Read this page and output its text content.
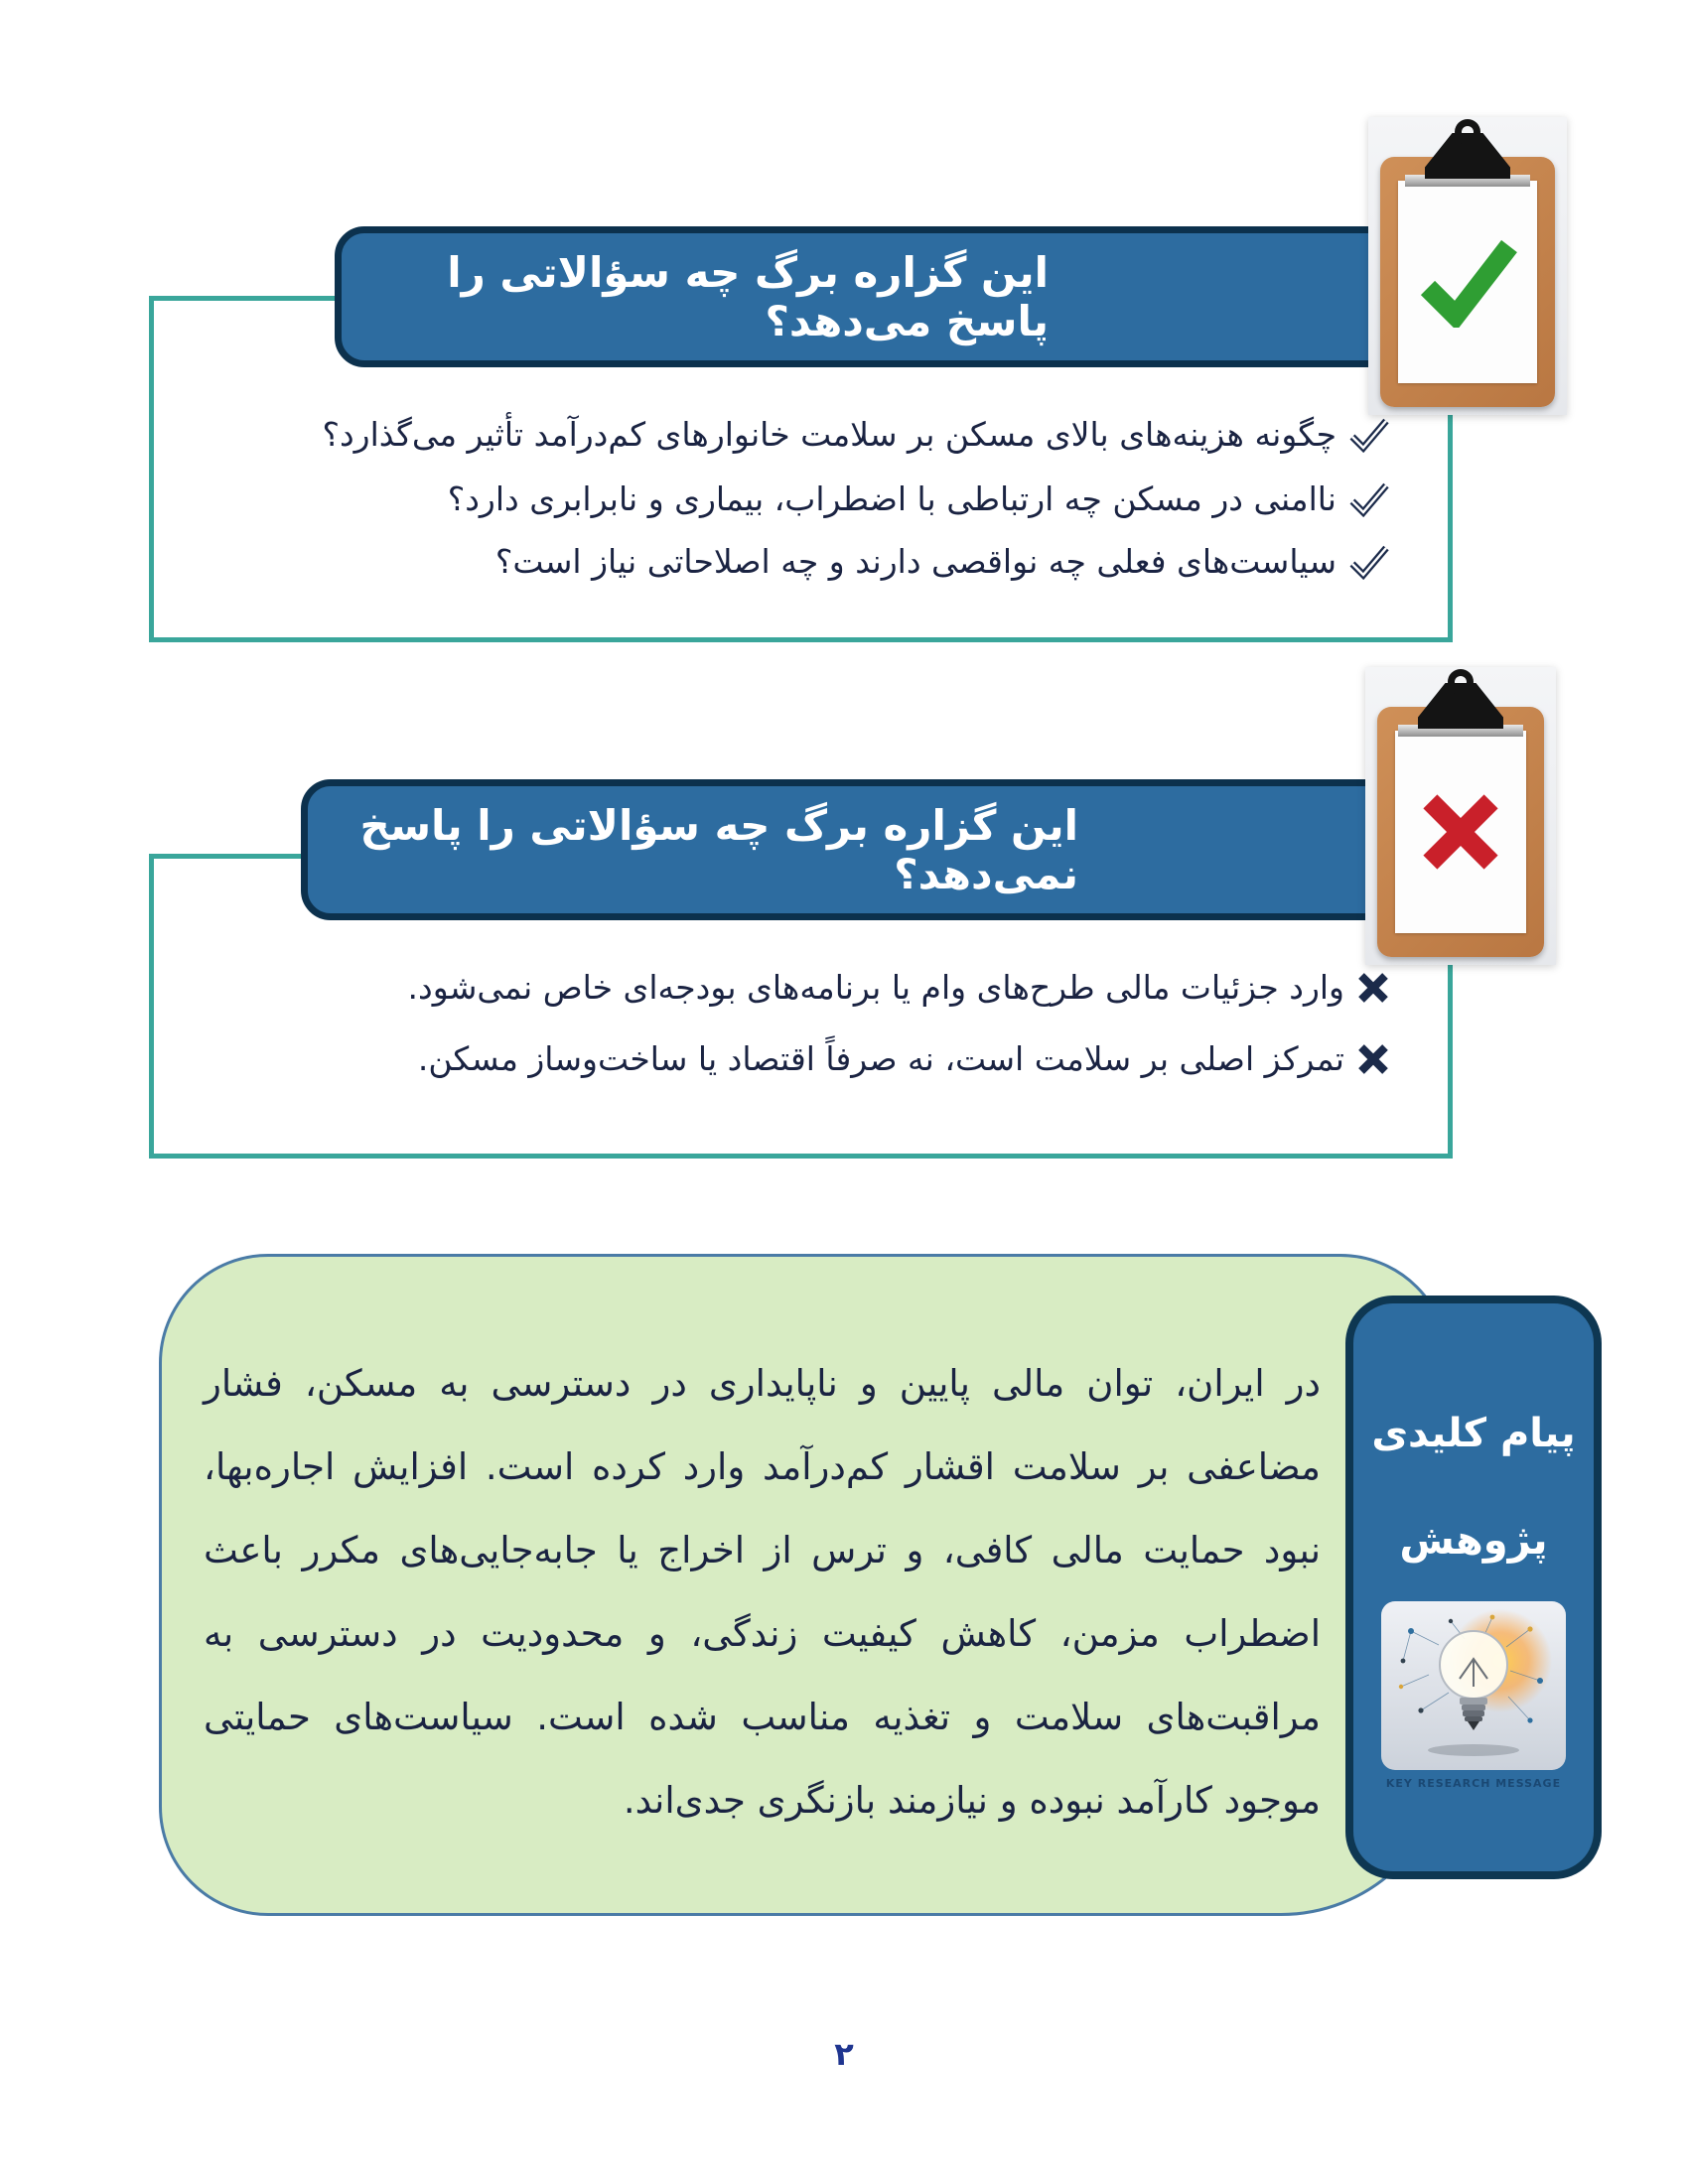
این گزاره برگ چه سؤالاتی را پاسخ می‌دهد؟
چگونه هزینه‌های بالای مسکن بر سلامت خانوارهای کم‌درآمد تأثیر می‌گذارد؟
ناامنی در مسکن چه ارتباطی با اضطراب، بیماری و نابرابری دارد؟
سیاست‌های فعلی چه نواقصی دارند و چه اصلاحاتی نیاز است؟
این گزاره برگ چه سؤالاتی را پاسخ نمی‌دهد؟
وارد جزئیات مالی طرح‌های وام یا برنامه‌های بودجه‌ای خاص نمی‌شود.
تمرکز اصلی بر سلامت است، نه صرفاً اقتصاد یا ساخت‌وساز مسکن.
در ایران، توان مالی پایین و ناپایداری در دسترسی به مسکن، فشار مضاعفی بر سلامت اقشار کم‌درآمد وارد کرده است. افزایش اجاره‌بها، نبود حمایت مالی کافی، و ترس از اخراج یا جابه‌جایی‌های مکرر باعث اضطراب مزمن، کاهش کیفیت زندگی، و محدودیت در دسترسی به مراقبت‌های سلامت و تغذیه مناسب شده است. سیاست‌های حمایتی موجود کارآمد نبوده و نیازمند بازنگری جدی‌اند.
پیام کلیدی
پژوهش
KEY RESEARCH MESSAGE
۲
